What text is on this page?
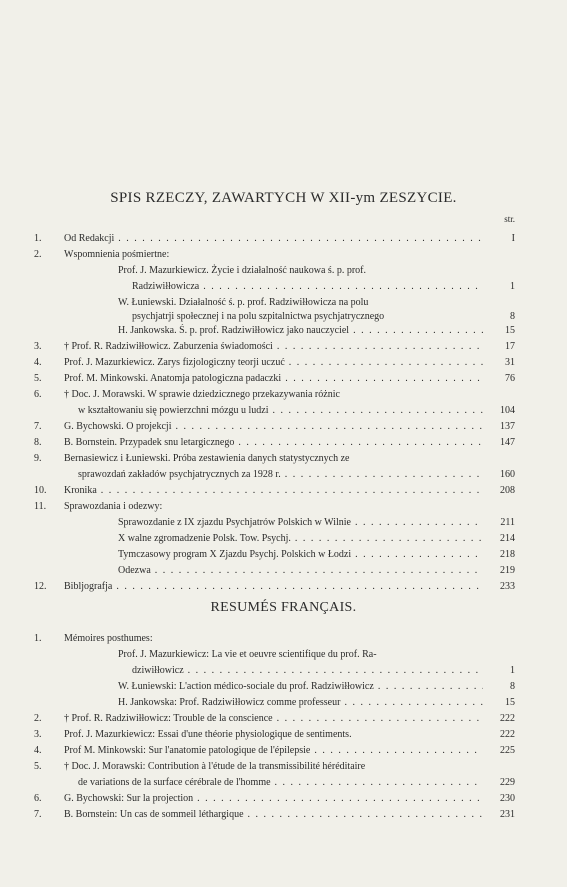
SPIS RZECZY, ZAWARTYCH W XII-ym ZESZYCIE.
str.
1.	Od Redakcji . . .	I
2.	Wspomnienia pośmiertne:
Prof. J. Mazurkiewicz. Życie i działalność naukowa ś. p. prof.
Radziwiłłowicza . . .	1
W. Łuniewski. Działalność ś. p. prof. Radziwiłłowicza na polu
psychjatrji społecznej i na polu szpitalnictwa psychjatrycznego	8
H. Jankowska. Ś. p. prof. Radziwiłłowicz jako nauczyciel . . .	15
3.	† Prof. R. Radziwiłłowicz. Zaburzenia świadomości . . .	17
4.	Prof. J. Mazurkiewicz. Zarys fizjologiczny teorji uczuć . . .	31
5.	Prof. M. Minkowski. Anatomja patologiczna padaczki . . .	76
6.	† Doc. J. Morawski. W sprawie dziedzicznego przekazywania różnic
w kształtowaniu się powierzchni mózgu u ludzi . . .	104
7.	G. Bychowski. O projekcji . . .	137
8.	B. Bornstein. Przypadek snu letargicznego . . .	147
9.	Bernasiewicz i Łuniewski. Próba zestawienia danych statystycznych ze
sprawozdań zakładów psychjatrycznych za 1928 r. . . .	160
10.	Kronika . . .	208
11.	Sprawozdania i odezwy:
Sprawozdanie z IX zjazdu Psychjatrów Polskich w Wilnie . . .	211
X walne zgromadzenie Polsk. Tow. Psychj. . . .	214
Tymczasowy program X Zjazdu Psychj. Polskich w Łodzi . . .	218
Odezwa . . .	219
12.	Bibljografja . . .	233
RESUMÉS FRANÇAIS.
1.	Mémoires posthumes:
Prof. J. Mazurkiewicz: La vie et oeuvre scientifique du prof. Ra-
dziwiłłowicz . . .	1
W. Łuniewski: L'action médico-sociale du prof. Radziwiłłowicz . . .	8
H. Jankowska: Prof. Radziwiłłowicz comme professeur . . .	15
2.	† Prof. R. Radziwiłłowicz: Trouble de la conscience . . .	222
3.	Prof. J. Mazurkiewicz: Essai d'une théorie physiologique de sentiments.	222
4.	Prof M. Minkowski: Sur l'anatomie patologique de l'épilepsie . . .	225
5.	† Doc. J. Morawski: Contribution à l'étude de la transmissibilité héréditaire
de variations de la surface cérébrale de l'homme . . .	229
6.	G. Bychowski: Sur la projection . . .	230
7.	B. Bornstein: Un cas de sommeil léthargique . . .	231
